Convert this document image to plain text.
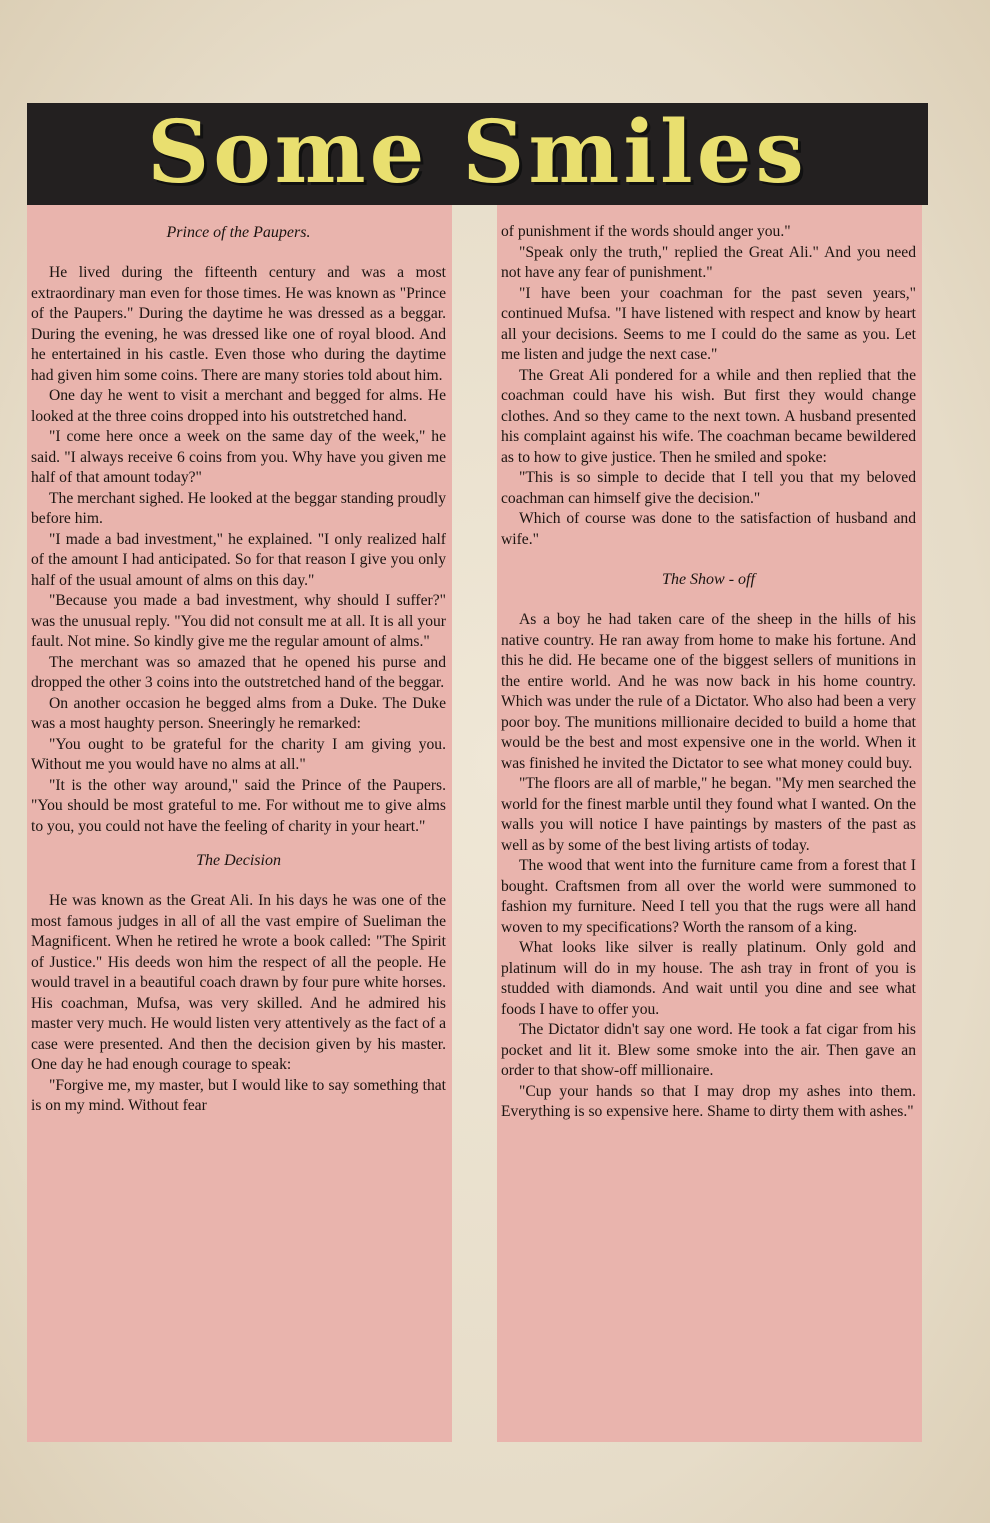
Some Smiles
Prince of the Paupers.

He lived during the fifteenth century and was a most extraordinary man even for those times. He was known as "Prince of the Paupers." During the daytime he was dressed as a beggar. During the evening, he was dressed like one of royal blood. And he entertained in his castle. Even those who during the daytime had given him some coins. There are many stories told about him.

One day he went to visit a merchant and begged for alms. He looked at the three coins dropped into his outstretched hand.

"I come here once a week on the same day of the week," he said. "I always receive 6 coins from you. Why have you given me half of that amount today?"

The merchant sighed. He looked at the beggar standing proudly before him.

"I made a bad investment," he explained. "I only realized half of the amount I had anticipated. So for that reason I give you only half of the usual amount of alms on this day."

"Because you made a bad investment, why should I suffer?" was the unusual reply. "You did not consult me at all. It is all your fault. Not mine. So kindly give me the regular amount of alms."

The merchant was so amazed that he opened his purse and dropped the other 3 coins into the outstretched hand of the beggar.

On another occasion he begged alms from a Duke. The Duke was a most haughty person. Sneeringly he remarked:

"You ought to be grateful for the charity I am giving you. Without me you would have no alms at all."

"It is the other way around," said the Prince of the Paupers. "You should be most grateful to me. For without me to give alms to you, you could not have the feeling of charity in your heart."

The Decision

He was known as the Great Ali. In his days he was one of the most famous judges in all of all the vast empire of Sueliman the Magnificent. When he retired he wrote a book called: "The Spirit of Justice." His deeds won him the respect of all the people. He would travel in a beautiful coach drawn by four pure white horses. His coachman, Mufsa, was very skilled. And he admired his master very much. He would listen very attentively as the fact of a case were presented. And then the decision given by his master. One day he had enough courage to speak:

"Forgive me, my master, but I would like to say something that is on my mind. Without fear

of punishment if the words should anger you."

"Speak only the truth," replied the Great Ali." And you need not have any fear of punishment."

"I have been your coachman for the past seven years," continued Mufsa. "I have listened with respect and know by heart all your decisions. Seems to me I could do the same as you. Let me listen and judge the next case."

The Great Ali pondered for a while and then replied that the coachman could have his wish. But first they would change clothes. And so they came to the next town. A husband presented his complaint against his wife. The coachman became bewildered as to how to give justice. Then he smiled and spoke:

"This is so simple to decide that I tell you that my beloved coachman can himself give the decision."

Which of course was done to the satisfaction of husband and wife."

The Show - off

As a boy he had taken care of the sheep in the hills of his native country. He ran away from home to make his fortune. And this he did. He became one of the biggest sellers of munitions in the entire world. And he was now back in his home country. Which was under the rule of a Dictator. Who also had been a very poor boy. The munitions millionaire decided to build a home that would be the best and most expensive one in the world. When it was finished he invited the Dictator to see what money could buy.

"The floors are all of marble," he began. "My men searched the world for the finest marble until they found what I wanted. On the walls you will notice I have paintings by masters of the past as well as by some of the best living artists of today.

The wood that went into the furniture came from a forest that I bought. Craftsmen from all over the world were summoned to fashion my furniture. Need I tell you that the rugs were all hand woven to my specifications? Worth the ransom of a king.

What looks like silver is really platinum. Only gold and platinum will do in my house. The ash tray in front of you is studded with diamonds. And wait until you dine and see what foods I have to offer you.

The Dictator didn't say one word. He took a fat cigar from his pocket and lit it. Blew some smoke into the air. Then gave an order to that show-off millionaire.

"Cup your hands so that I may drop my ashes into them. Everything is so expensive here. Shame to dirty them with ashes."
